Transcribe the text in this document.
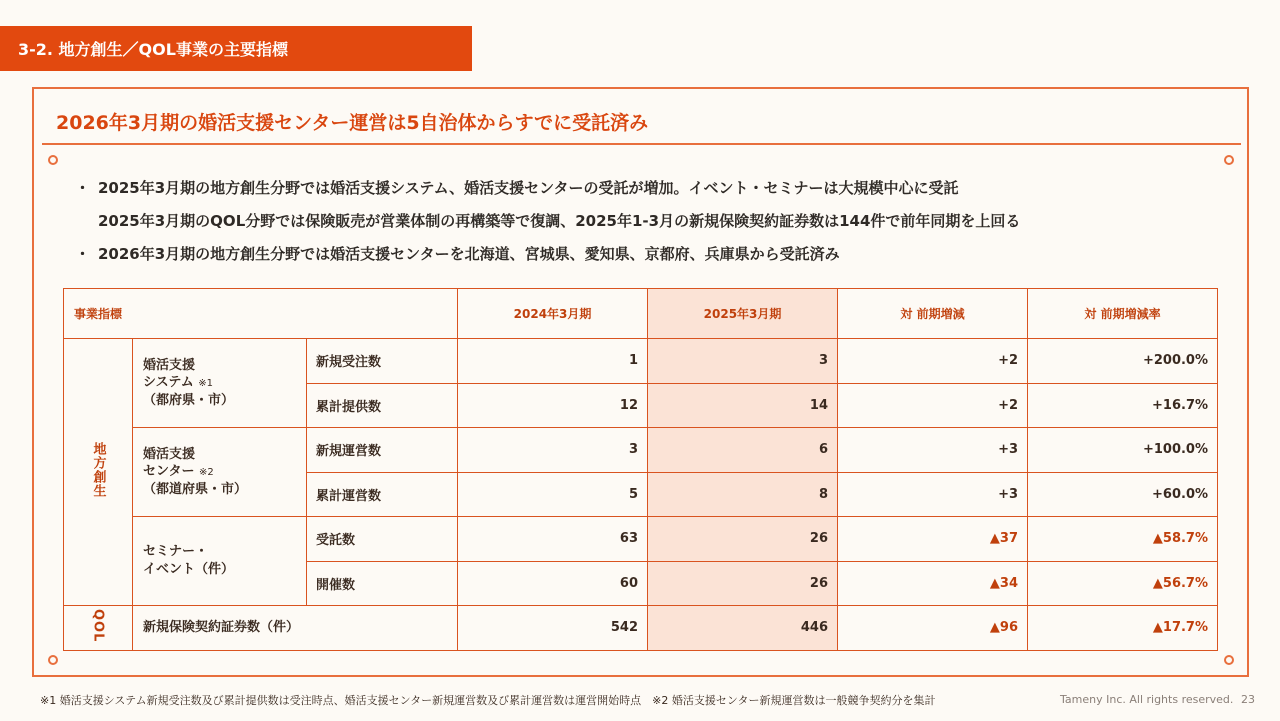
3-2. 地方創生／QOL事業の主要指標
2026年3月期の婚活支援センター運営は5自治体からすでに受託済み
・ 2025年3月期の地方創生分野では婚活支援システム、婚活支援センターの受託が増加。イベント・セミナーは大規模中心に受託
2025年3月期のQOL分野では保険販売が営業体制の再構築等で復調、2025年1-3月の新規保険契約証券数は144件で前年同期を上回る
・ 2026年3月期の地方創生分野では婚活支援センターを北海道、宮城県、愛知県、京都府、兵庫県から受託済み
事業指標			2024年3月期	2025年3月期	対 前期増減	対 前期増減率
地方創生	婚活支援
システム ※1
（都府県・市）	新規受注数	1	3	+2	+200.0%
		累計提供数	12	14	+2	+16.7%

	婚活支援
センター ※2
（都道府県・市）	新規運営数	3	6	+3	+100.0%
		累計運営数	5	8	+3	+60.0%

	セミナー・
イベント（件）	受託数	63	26	▲37	▲58.7%
		開催数	60	26	▲34	▲56.7%
QOL	新規保険契約証券数（件）		542	446	▲96	▲17.7%
※1 婚活支援システム新規受注数及び累計提供数は受注時点、婚活支援センター新規運営数及び累計運営数は運営開始時点　※2 婚活支援センター新規運営数は一般競争契約分を集計	Tameny Inc. All rights reserved. 23
